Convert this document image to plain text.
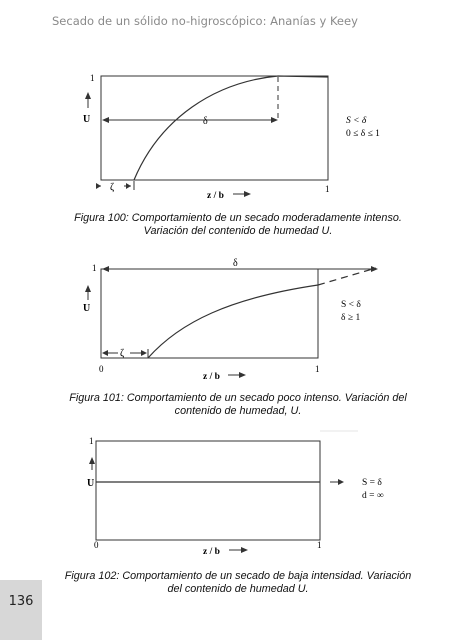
Secado de un sólido no-higroscópico: Ananías y Keey
1
U	δ
ζ
z / b
1
S < δ
0 ≤ δ ≤ 1
Figura 100: Comportamiento de un secado moderadamente intenso. Variación del contenido de humedad U.
1
U
δ
ζ
0	1
z / b
S < δ
δ ≥ 1
Figura 101: Comportamiento de un secado poco intenso. Variación del contenido de humedad, U.
1
U
0	1
z / b
S = δ
d = ∞
Figura 102: Comportamiento de un secado de baja intensidad. Variación del contenido de humedad U.
136
